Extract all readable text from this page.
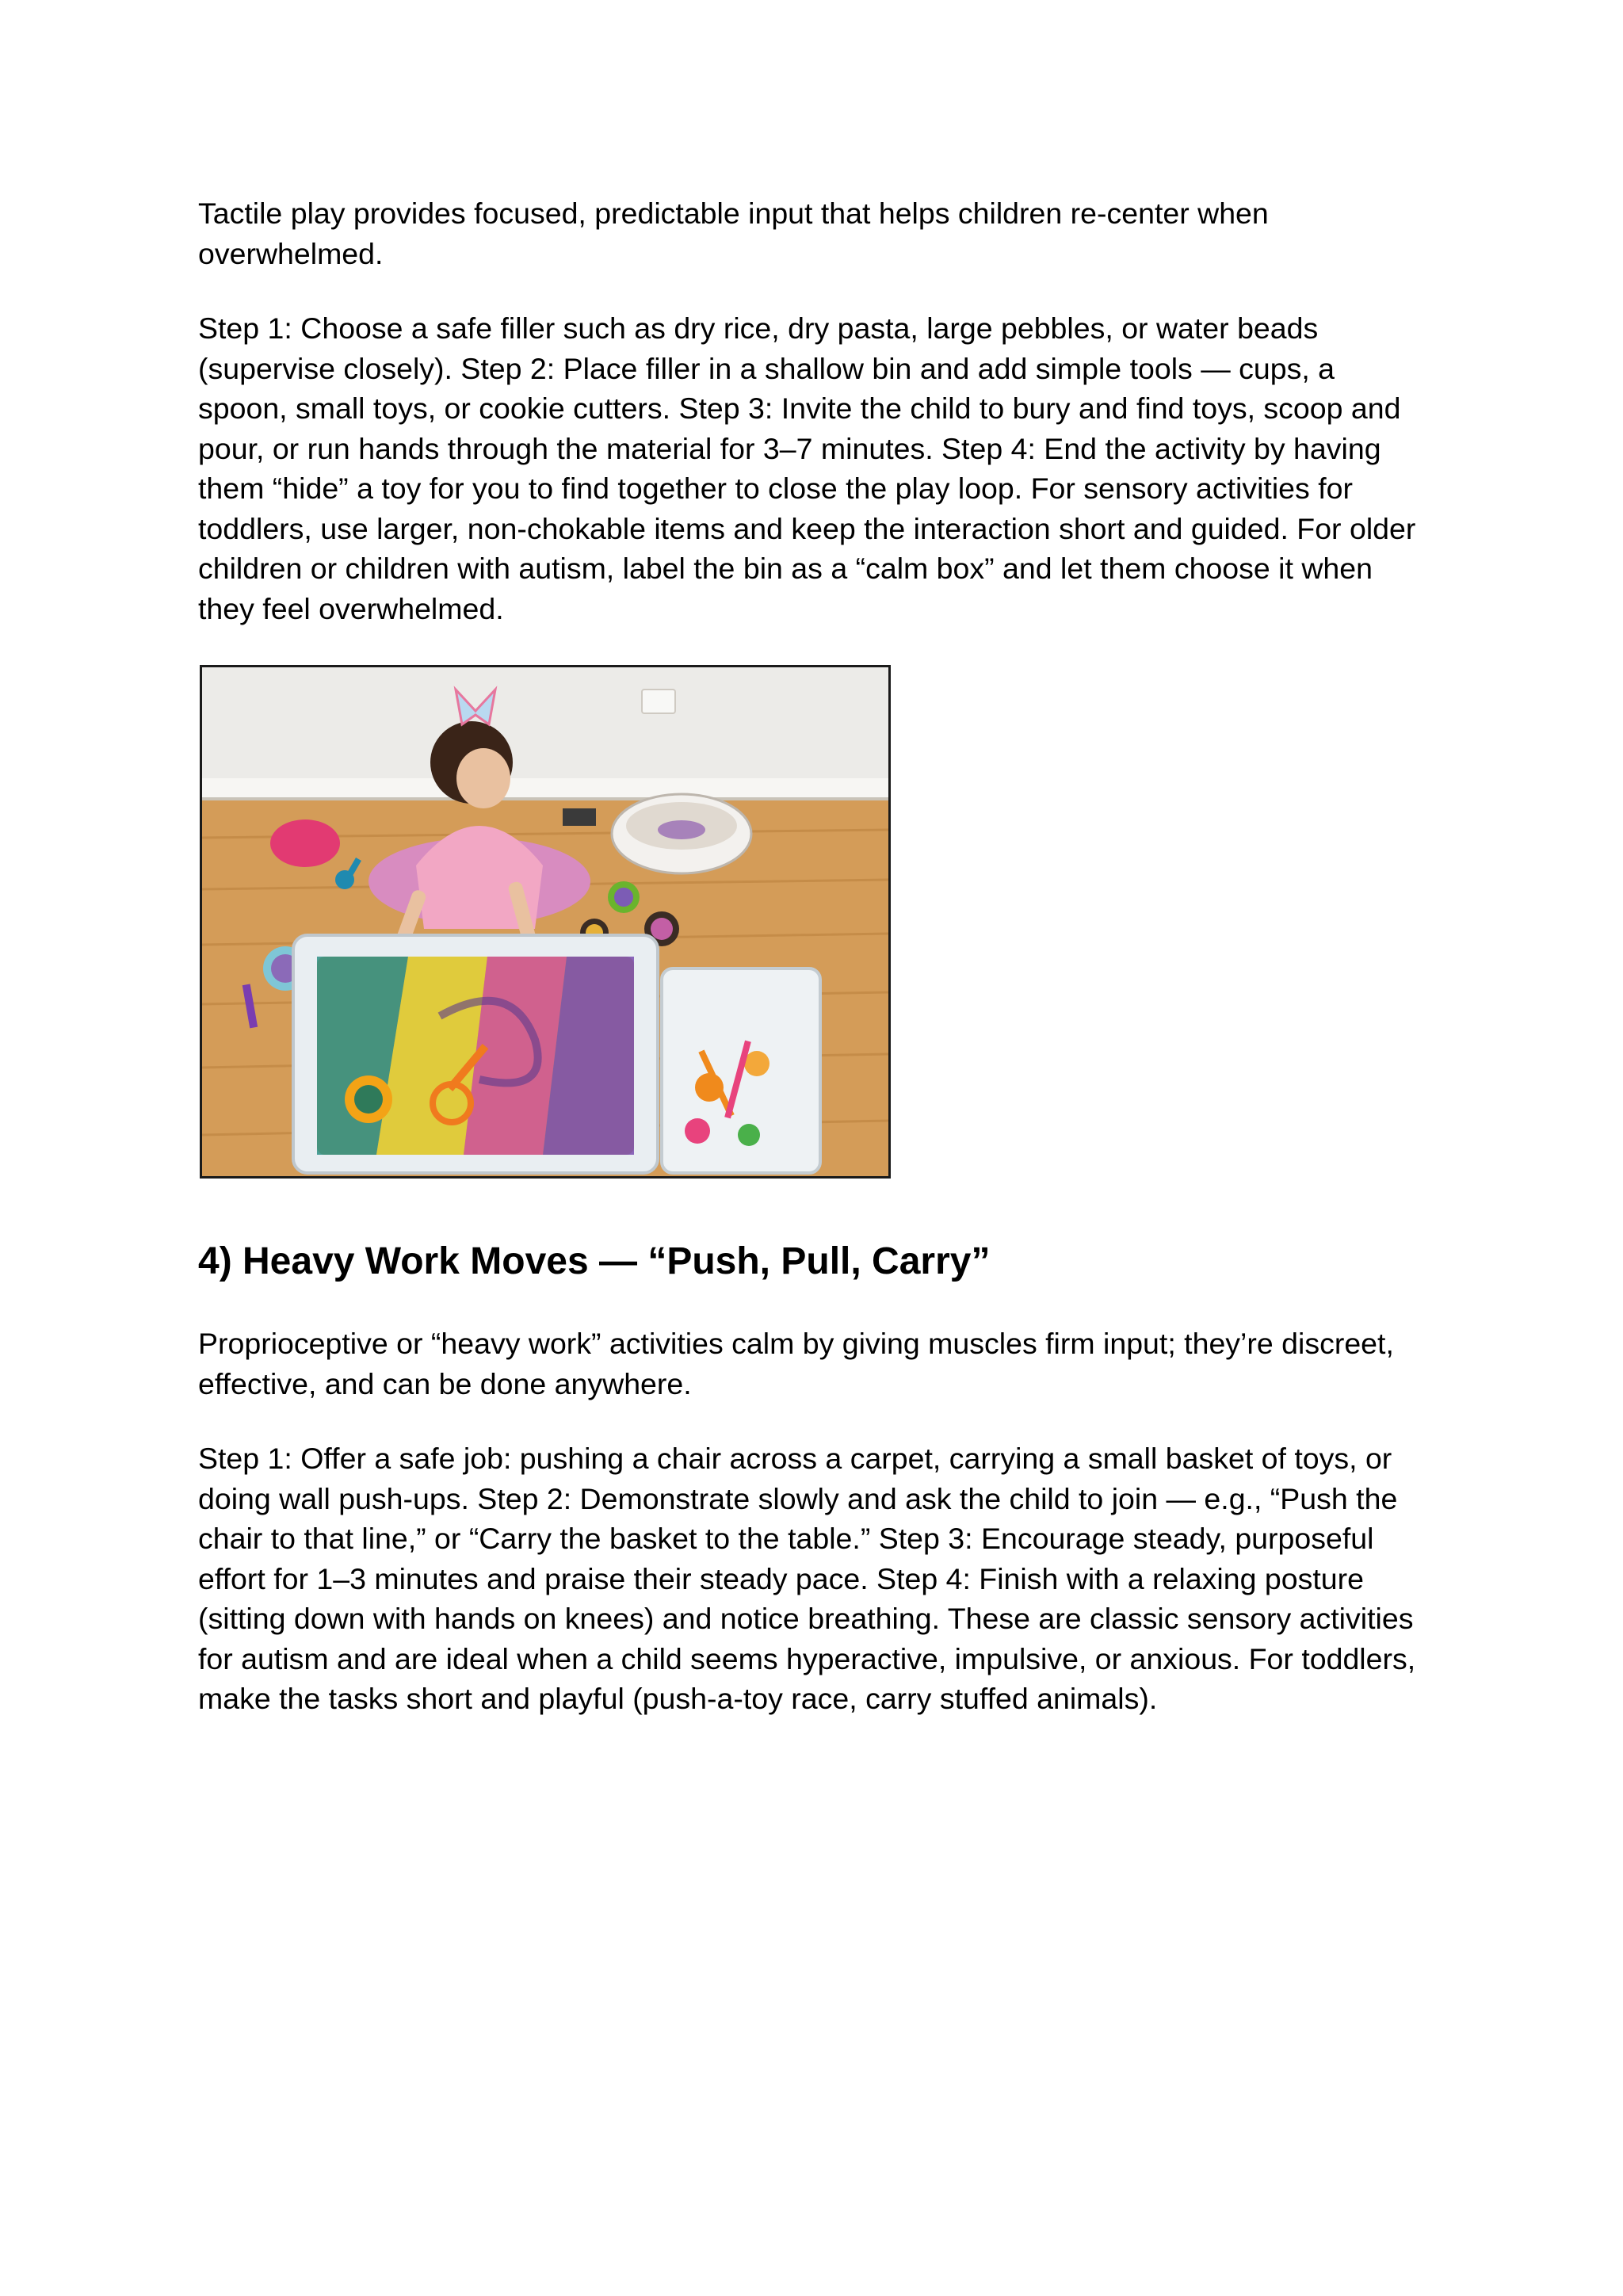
Tactile play provides focused, predictable input that helps children re-center when
overwhelmed.

Step 1: Choose a safe filler such as dry rice, dry pasta, large pebbles, or water beads
(supervise closely). Step 2: Place filler in a shallow bin and add simple tools — cups, a
spoon, small toys, or cookie cutters. Step 3: Invite the child to bury and find toys, scoop and
pour, or run hands through the material for 3–7 minutes. Step 4: End the activity by having
them “hide” a toy for you to find together to close the play loop. For sensory activities for
toddlers, use larger, non-chokable items and keep the interaction short and guided. For older
children or children with autism, label the bin as a “calm box” and let them choose it when
they feel overwhelmed.

4) Heavy Work Moves — “Push, Pull, Carry”

Proprioceptive or “heavy work” activities calm by giving muscles firm input; they’re discreet,
effective, and can be done anywhere.

Step 1: Offer a safe job: pushing a chair across a carpet, carrying a small basket of toys, or
doing wall push-ups. Step 2: Demonstrate slowly and ask the child to join — e.g., “Push the
chair to that line,” or “Carry the basket to the table.” Step 3: Encourage steady, purposeful
effort for 1–3 minutes and praise their steady pace. Step 4: Finish with a relaxing posture
(sitting down with hands on knees) and notice breathing. These are classic sensory activities
for autism and are ideal when a child seems hyperactive, impulsive, or anxious. For toddlers,
make the tasks short and playful (push-a-toy race, carry stuffed animals).
